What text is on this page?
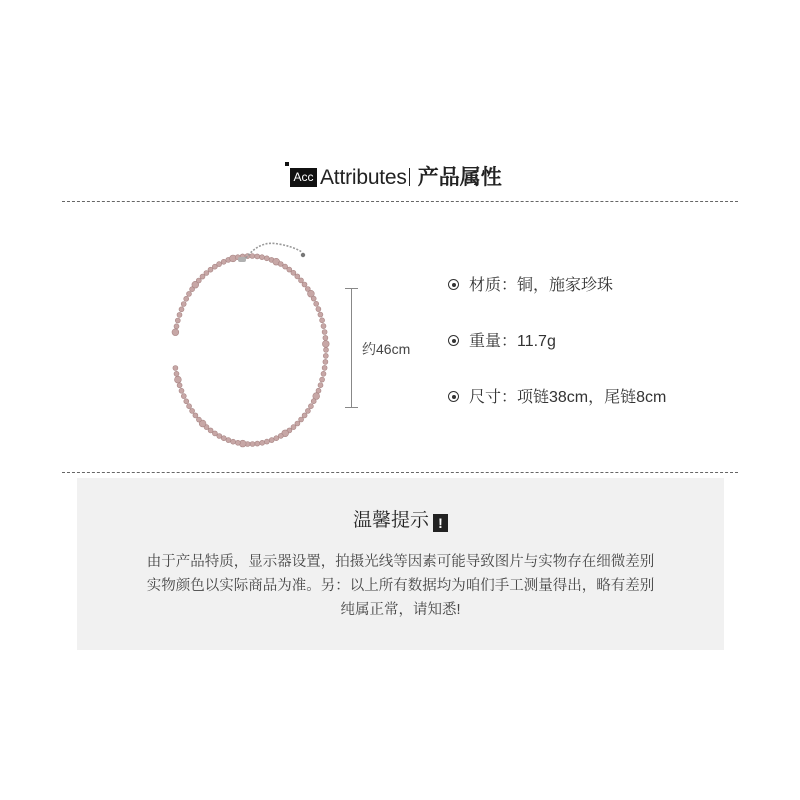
Acc Attributes 产品属性
约46cm
材质：铜，施家珍珠
重量：11.7g
尺寸：项链38cm，尾链8cm
温馨提示 !
由于产品特质，显示器设置，拍摄光线等因素可能导致图片与实物存在细微差别
实物颜色以实际商品为准。另：以上所有数据均为咱们手工测量得出，略有差别
纯属正常，请知悉!
